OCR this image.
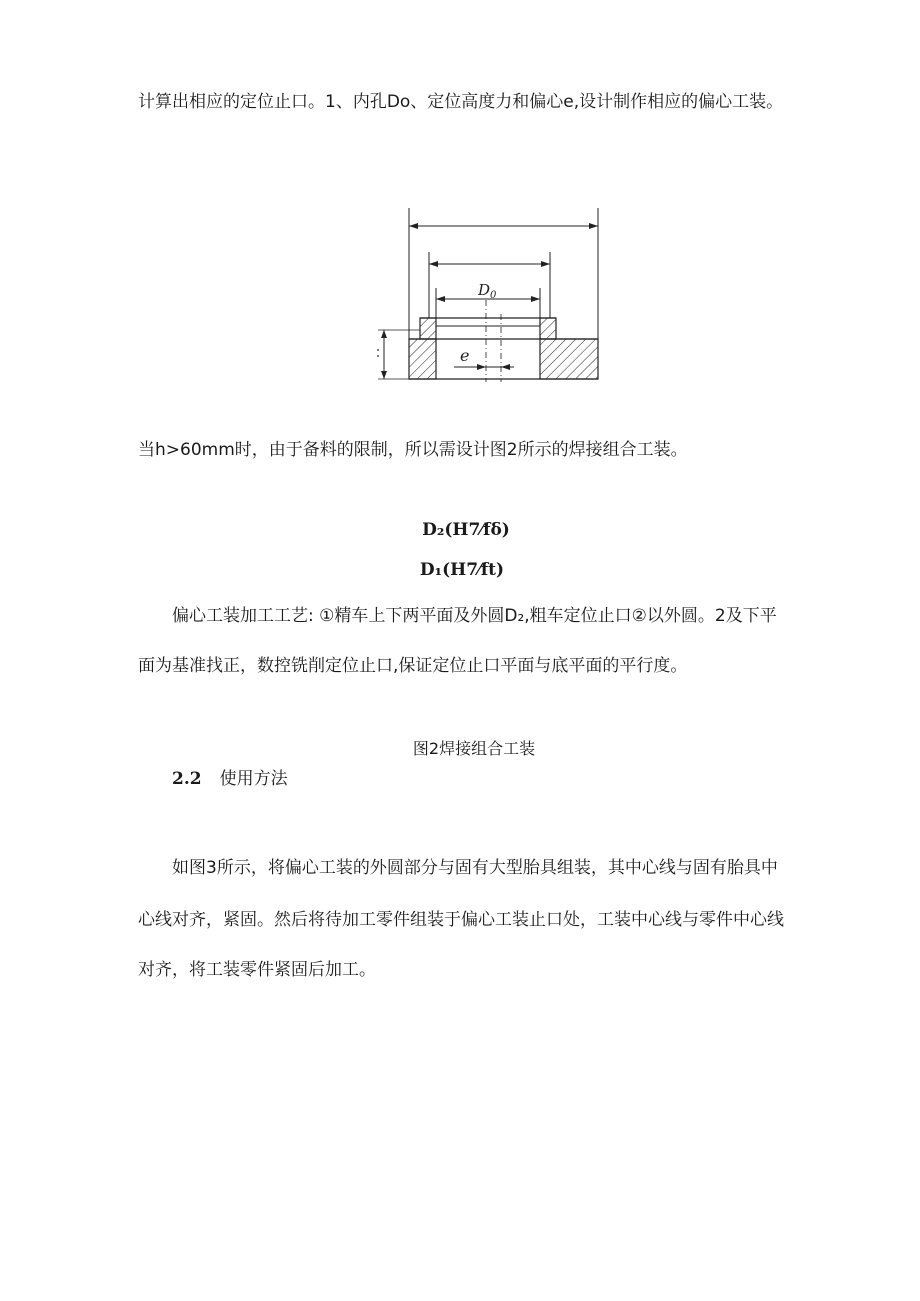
计算出相应的定位止口。1、内孔Do、定位高度力和偏心e,设计制作相应的偏心工装。
$D_0$
e
当h>60mm时，由于备料的限制，所以需设计图2所示的焊接组合工装。
D₂(H7⁄fδ)
D₁(H7⁄ft)
偏心工装加工工艺: ①精车上下两平面及外圆D₂,粗车定位止口②以外圆。2及下平
面为基准找正，数控铣削定位止口,保证定位止口平面与底平面的平行度。
图2焊接组合工装
2.2 使用方法
如图3所示，将偏心工装的外圆部分与固有大型胎具组装，其中心线与固有胎具中
心线对齐，紧固。然后将待加工零件组装于偏心工装止口处，工装中心线与零件中心线
对齐，将工装零件紧固后加工。
